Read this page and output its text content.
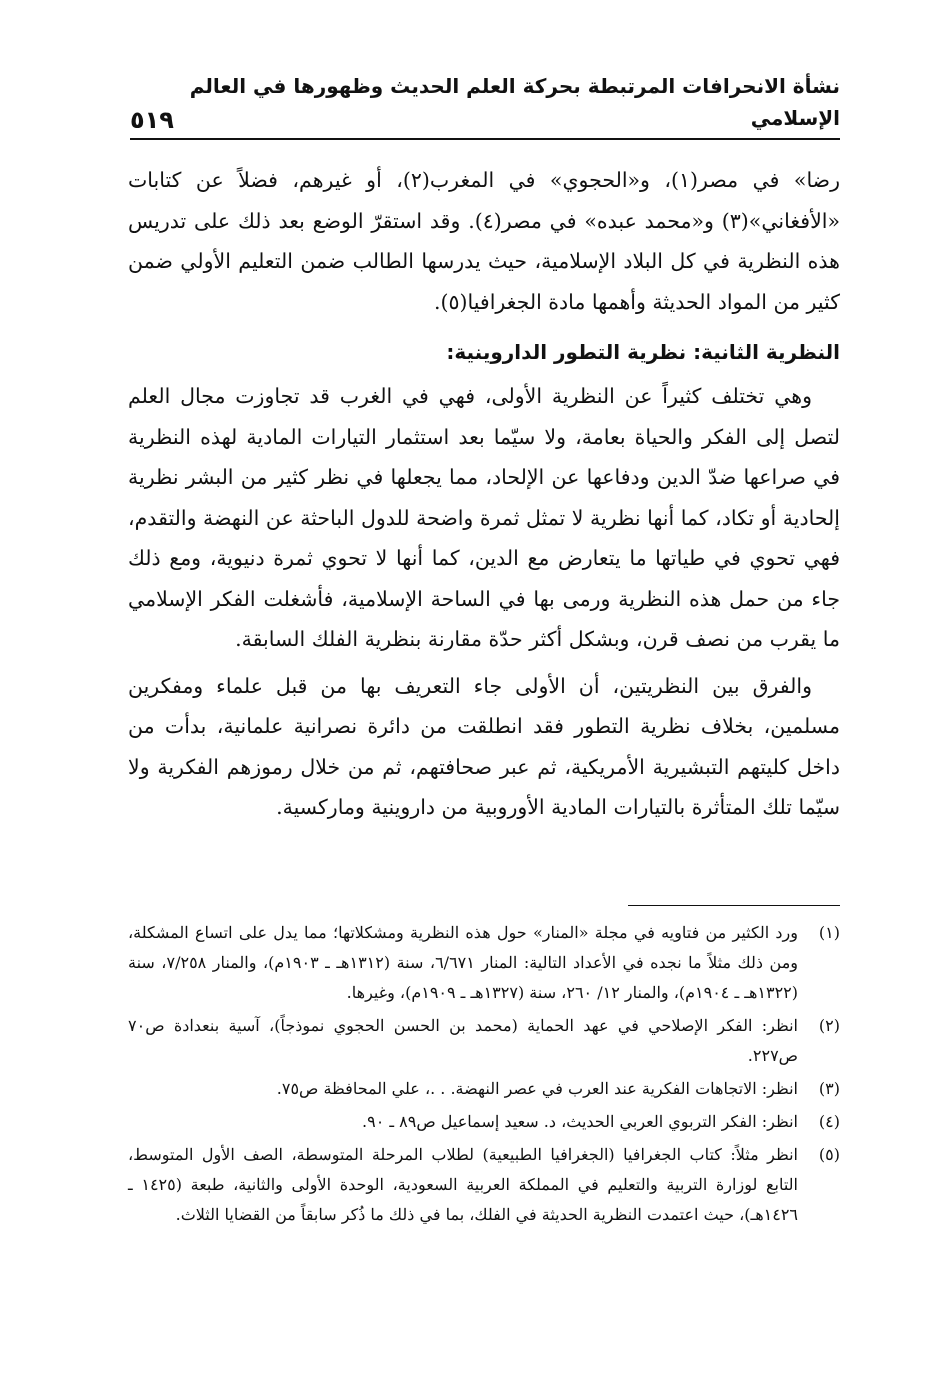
نشأة الانحرافات المرتبطة بحركة العلم الحديث وظهورها في العالم الإسلامي
٥١٩

رضا» في مصر(١)، و«الحجوي» في المغرب(٢)، أو غيرهم، فضلاً عن كتابات «الأفغاني»(٣) و«محمد عبده» في مصر(٤). وقد استقرّ الوضع بعد ذلك على تدريس هذه النظرية في كل البلاد الإسلامية، حيث يدرسها الطالب ضمن التعليم الأولي ضمن كثير من المواد الحديثة وأهمها مادة الجغرافيا(٥).

النظرية الثانية: نظرية التطور الداروينية:

وهي تختلف كثيراً عن النظرية الأولى، فهي في الغرب قد تجاوزت مجال العلم لتصل إلى الفكر والحياة بعامة، ولا سيّما بعد استثمار التيارات المادية لهذه النظرية في صراعها ضدّ الدين ودفاعها عن الإلحاد، مما يجعلها في نظر كثير من البشر نظرية إلحادية أو تكاد، كما أنها نظرية لا تمثل ثمرة واضحة للدول الباحثة عن النهضة والتقدم، فهي تحوي في طياتها ما يتعارض مع الدين، كما أنها لا تحوي ثمرة دنيوية، ومع ذلك جاء من حمل هذه النظرية ورمى بها في الساحة الإسلامية، فأشغلت الفكر الإسلامي ما يقرب من نصف قرن، وبشكل أكثر حدّة مقارنة بنظرية الفلك السابقة.

والفرق بين النظريتين، أن الأولى جاء التعريف بها من قبل علماء ومفكرين مسلمين، بخلاف نظرية التطور فقد انطلقت من دائرة نصرانية علمانية، بدأت من داخل كليتهم التبشيرية الأمريكية، ثم عبر صحافتهم، ثم من خلال رموزهم الفكرية ولا سيّما تلك المتأثرة بالتيارات المادية الأوروبية من داروينية وماركسية.

(١)
ورد الكثير من فتاويه في مجلة «المنار» حول هذه النظرية ومشكلاتها؛ مما يدل على اتساع المشكلة، ومن ذلك مثلاً ما نجده في الأعداد التالية: المنار ٦/٦٧١، سنة (١٣١٢هـ ـ ١٩٠٣م)، والمنار ٧/٢٥٨، سنة (١٣٢٢هـ ـ ١٩٠٤م)، والمنار ١٢/ ٢٦٠، سنة (١٣٢٧هـ ـ ١٩٠٩م)، وغيرها.
(٢)
انظر: الفكر الإصلاحي في عهد الحماية (محمد بن الحسن الحجوي نموذجاً)، آسية بنعدادة ص٧٠ ص٢٢٧.
(٣)
انظر: الاتجاهات الفكرية عند العرب في عصر النهضة. . .، علي المحافظة ص٧٥.
(٤)
انظر: الفكر التربوي العربي الحديث، د. سعيد إسماعيل ص٨٩ ـ ٩٠.
(٥)
انظر مثلاً: كتاب الجغرافيا (الجغرافيا الطبيعية) لطلاب المرحلة المتوسطة، الصف الأول المتوسط، التابع لوزارة التربية والتعليم في المملكة العربية السعودية، الوحدة الأولى والثانية، طبعة (١٤٢٥ ـ ١٤٢٦هـ)، حيث اعتمدت النظرية الحديثة في الفلك، بما في ذلك ما ذُكر سابقاً من القضايا الثلاث.
